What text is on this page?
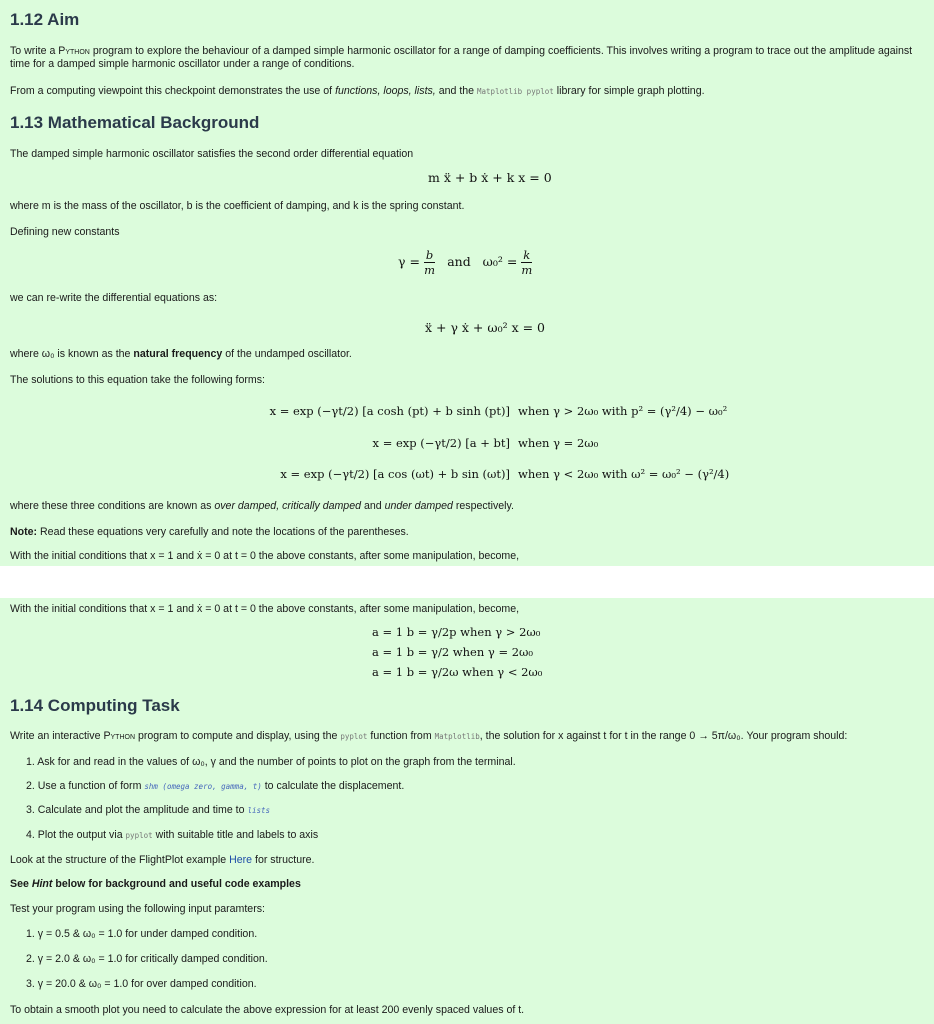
1.12 Aim
To write a Python program to explore the behaviour of a damped simple harmonic oscillator for a range of damping coefficients. This involves writing a program to trace out the amplitude against time for a damped simple harmonic oscillator under a range of conditions.
From a computing viewpoint this checkpoint demonstrates the use of functions, loops, lists, and the Matplotlib pyplot library for simple graph plotting.
1.13 Mathematical Background
The damped simple harmonic oscillator satisfies the second order differential equation
m ẍ + b ẋ + k x = 0
where m is the mass of the oscillator, b is the coefficient of damping, and k is the spring constant.
Defining new constants
$\gamma = \frac{b}{m}$ and $\omega_0^2 = \frac{k}{m}$
we can re-write the differential equations as:
ẍ + γ ẋ + ω₀² x = 0
where ω₀ is known as the natural frequency of the undamped oscillator.
The solutions to this equation take the following forms:
x = exp (−γt/2) [a cosh (pt) + b sinh (pt)] when γ > 2ω₀ with p² = (γ²/4) − ω₀²
x = exp (−γt/2) [a + bt] when γ = 2ω₀
x = exp (−γt/2) [a cos (ωt) + b sin (ωt)] when γ < 2ω₀ with ω² = ω₀² − (γ²/4)
where these three conditions are known as over damped, critically damped and under damped respectively.
Note: Read these equations very carefully and note the locations of the parentheses.
With the initial conditions that x = 1 and ẋ = 0 at t = 0 the above constants, after some manipulation, become,
With the initial conditions that x = 1 and ẋ = 0 at t = 0 the above constants, after some manipulation, become,
a = 1 b = γ/2p when γ > 2ω₀
a = 1 b = γ/2 when γ = 2ω₀
a = 1 b = γ/2ω when γ < 2ω₀
1.14 Computing Task
Write an interactive Python program to compute and display, using the pyplot function from Matplotlib, the solution for x against t for t in the range 0 → 5π/ω₀. Your program should:
1. Ask for and read in the values of ω₀, γ and the number of points to plot on the graph from the terminal.
2. Use a function of form shm (omega zero, gamma, t) to calculate the displacement.
3. Calculate and plot the amplitude and time to lists
4. Plot the output via pyplot with suitable title and labels to axis
Look at the structure of the FlightPlot example Here for structure.
See Hint below for background and useful code examples
Test your program using the following input paramters:
1. γ = 0.5 & ω₀ = 1.0 for under damped condition.
2. γ = 2.0 & ω₀ = 1.0 for critically damped condition.
3. γ = 20.0 & ω₀ = 1.0 for over damped condition.
To obtain a smooth plot you need to calculate the above expression for at least 200 evenly spaced values of t.
